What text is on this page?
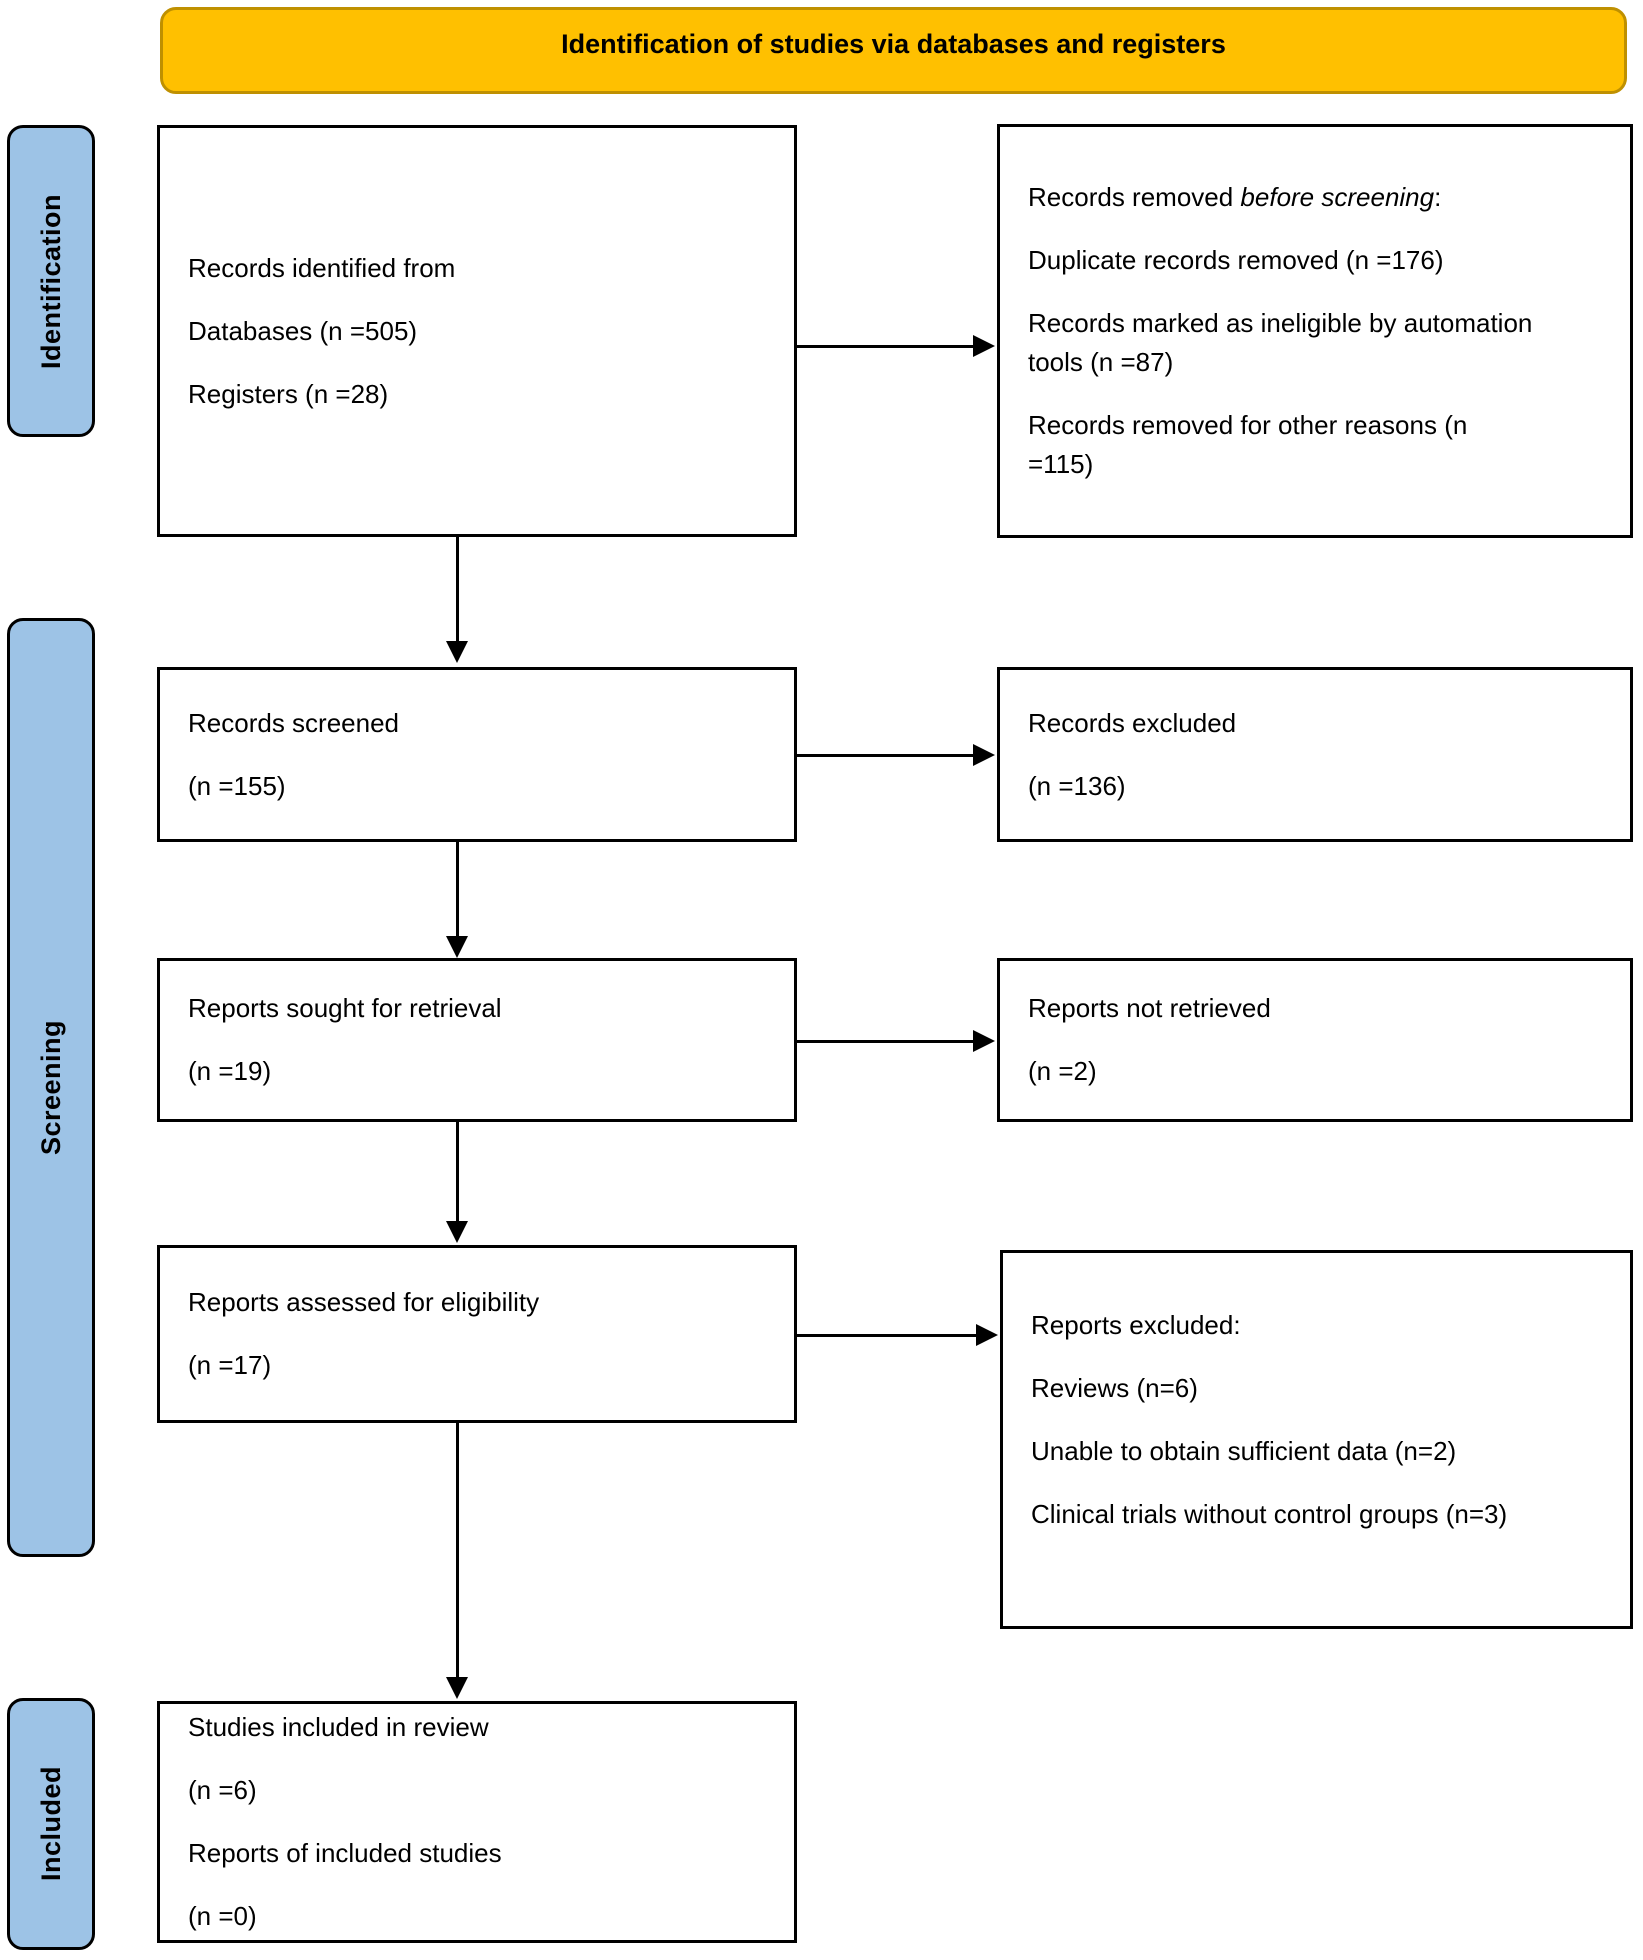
Identification of studies via databases and registers
Identification
Screening
Included

Records identified from

Databases (n =505)

Registers (n =28)

Records removed before screening:

Duplicate records removed (n =176)

Records marked as ineligible by automation tools (n =87)

Records removed for other reasons (n =115)

Records screened

(n =155)

Records excluded

(n =136)

Reports sought for retrieval

(n =19)

Reports not retrieved

(n =2)

Reports assessed for eligibility

(n =17)

Reports excluded:

Reviews (n=6)

Unable to obtain sufficient data (n=2)

Clinical trials without control groups (n=3)

Studies included in review

(n =6)

Reports of included studies

(n =0)
